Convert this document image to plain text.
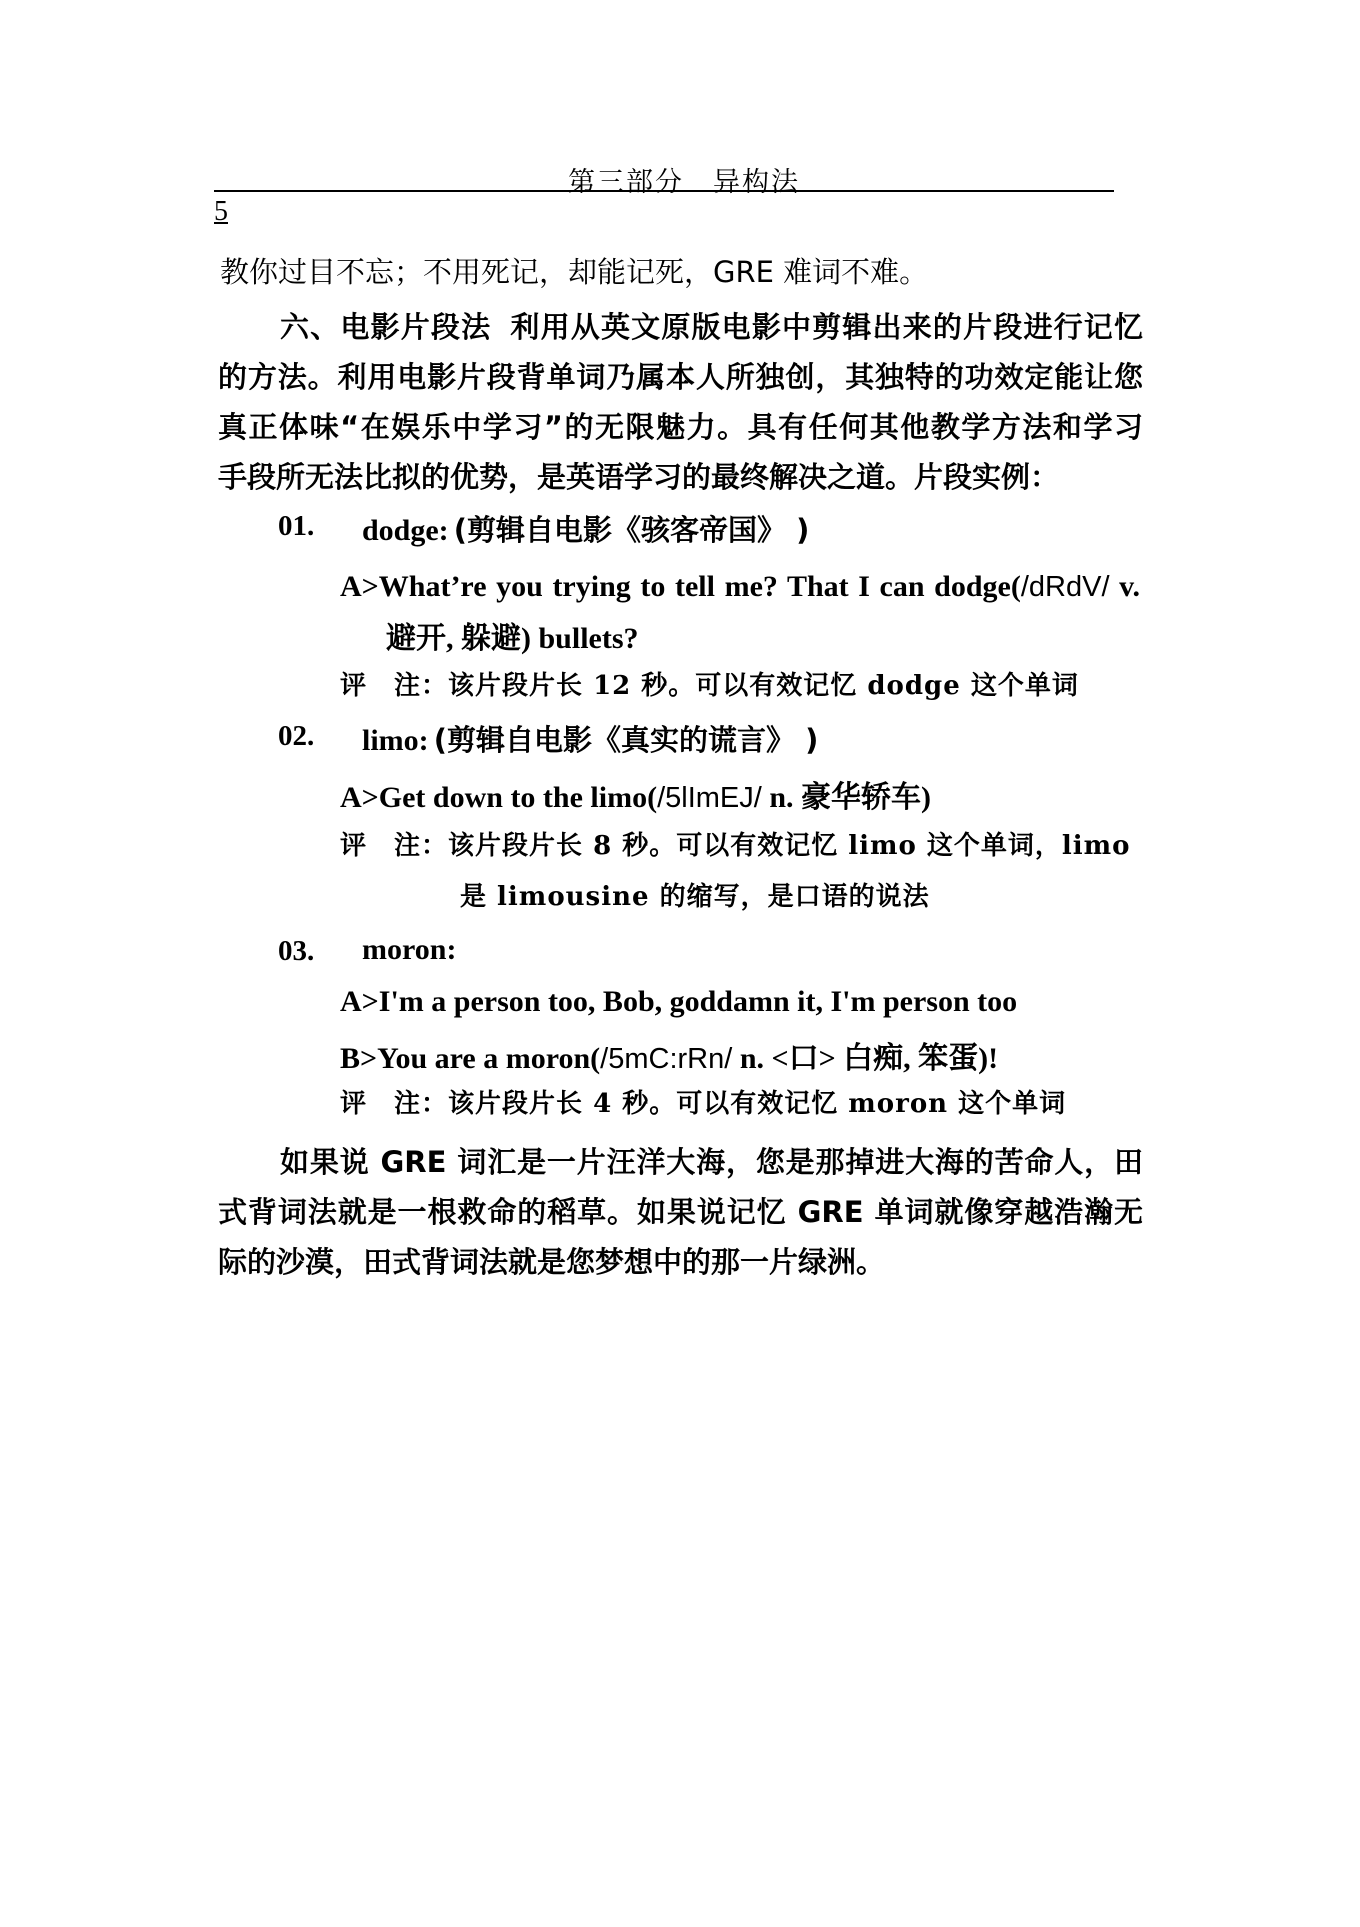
第三部分　异构法
5
教你过目不忘；不用死记，却能记死，GRE 难词不难。
六、电影片段法 利用从英文原版电影中剪辑出来的片段进行记忆
的方法。利用电影片段背单词乃属本人所独创，其独特的功效定能让您
真正体味“在娱乐中学习”的无限魅力。具有任何其他教学方法和学习
手段所无法比拟的优势，是英语学习的最终解决之道。片段实例：
01. dodge: (剪辑自电影《骇客帝国》 )
A>What’re you trying to tell me? That I can dodge(/dRdV/ v.
避开, 躲避) bullets?
评　注：该片段片长 12 秒。可以有效记忆 dodge 这个单词
02. limo: (剪辑自电影《真实的谎言》 )
A>Get down to the limo(/5lImEJ/ n. 豪华轿车)
评　注：该片段片长 8 秒。可以有效记忆 limo 这个单词，limo
是 limousine 的缩写，是口语的说法
03. moron:
A>I'm a person too, Bob, goddamn it, I'm person too
B>You are a moron(/5mC:rRn/ n. <口> 白痴, 笨蛋)!
评　注：该片段片长 4 秒。可以有效记忆 moron 这个单词
如果说 GRE 词汇是一片汪洋大海，您是那掉进大海的苦命人，田
式背词法就是一根救命的稻草。如果说记忆 GRE 单词就像穿越浩瀚无
际的沙漠，田式背词法就是您梦想中的那一片绿洲。
